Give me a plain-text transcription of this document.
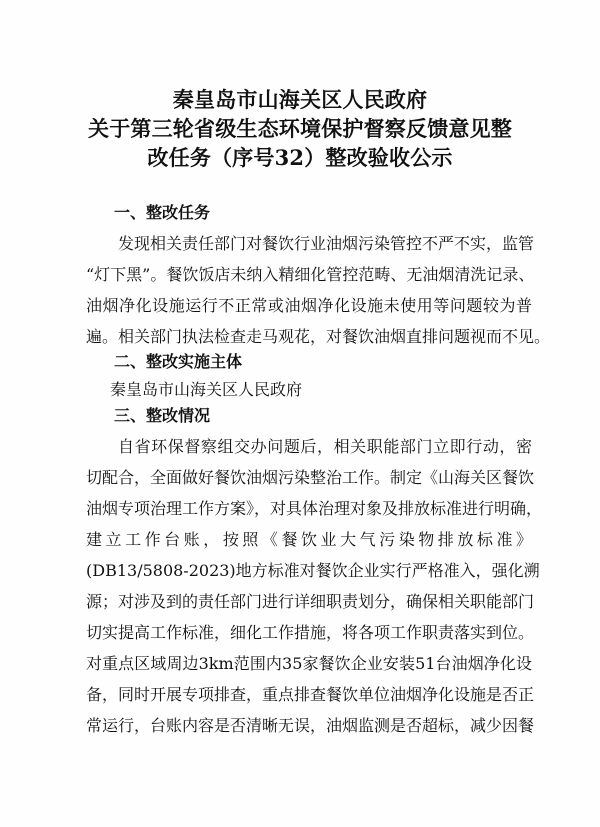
秦皇岛市山海关区人民政府
关于第三轮省级生态环境保护督察反馈意见整
改任务（序号32）整改验收公示
一、整改任务
发现相关责任部门对餐饮行业油烟污染管控不严不实，监管
“灯下黑”。餐饮饭店未纳入精细化管控范畴、无油烟清洗记录、
油烟净化设施运行不正常或油烟净化设施未使用等问题较为普
遍。相关部门执法检查走马观花，对餐饮油烟直排问题视而不见。
二、整改实施主体
秦皇岛市山海关区人民政府
三、整改情况
自省环保督察组交办问题后，相关职能部门立即行动，密
切配合，全面做好餐饮油烟污染整治工作。制定《山海关区餐饮
油烟专项治理工作方案》，对具体治理对象及排放标准进行明确，
建立工作台账，按照《餐饮业大气污染物排放标准》
(DB13/5808-2023)地方标准对餐饮企业实行严格准入，强化溯
源；对涉及到的责任部门进行详细职责划分，确保相关职能部门
切实提高工作标准，细化工作措施，将各项工作职责落实到位。
对重点区域周边3km范围内35家餐饮企业安装51台油烟净化设
备，同时开展专项排查，重点排查餐饮单位油烟净化设施是否正
常运行，台账内容是否清晰无误，油烟监测是否超标，减少因餐
